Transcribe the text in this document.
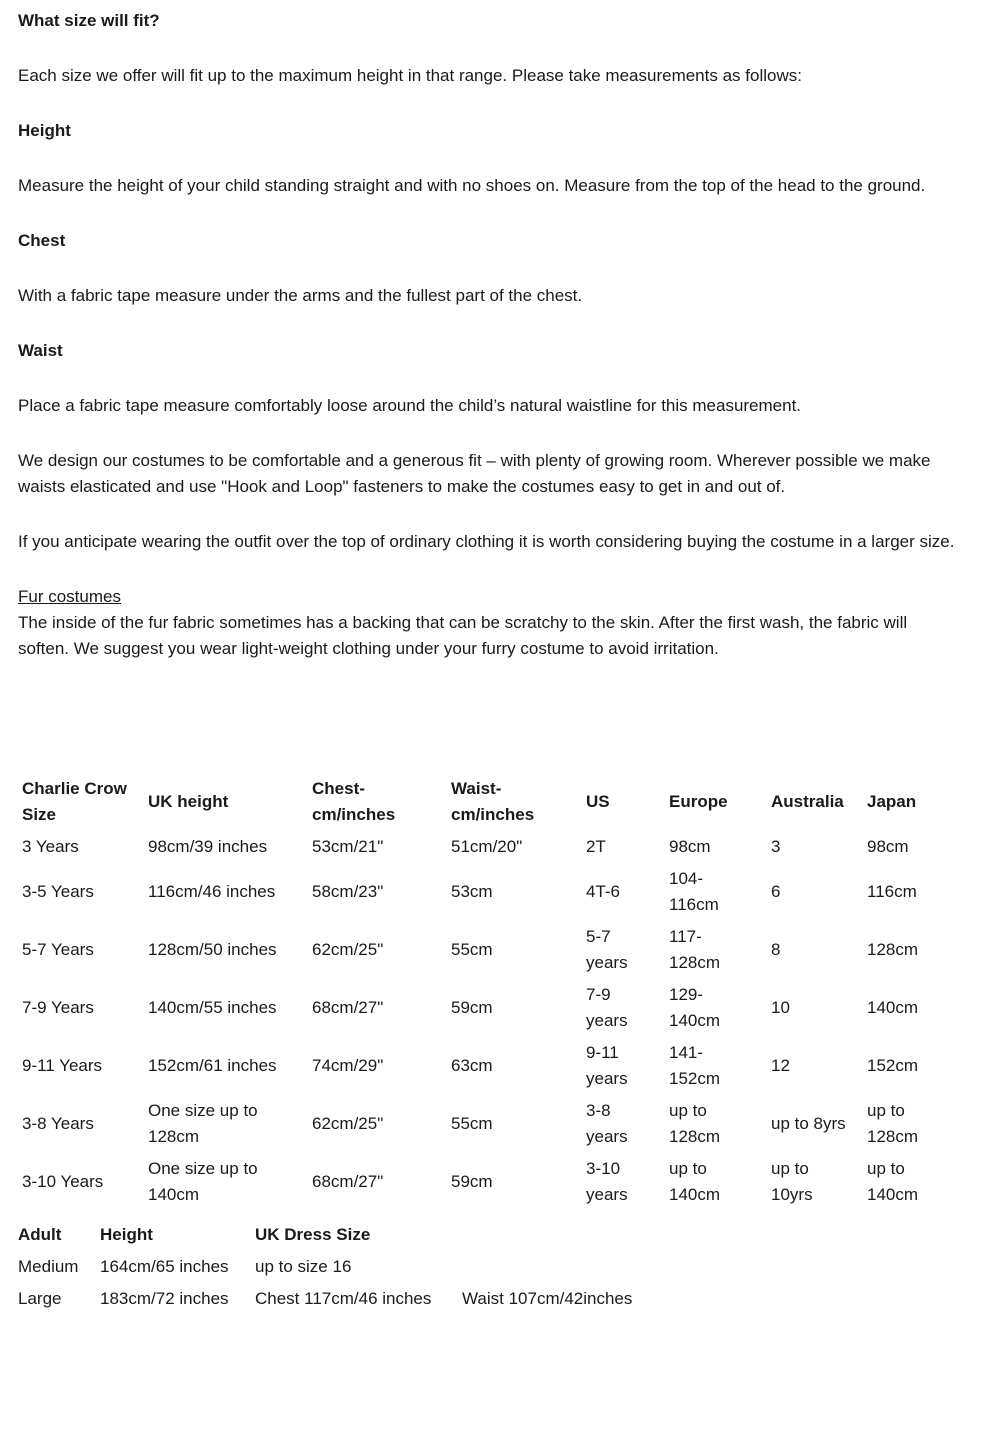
What size will fit?

Each size we offer will fit up to the maximum height in that range. Please take measurements as follows:

Height

Measure the height of your child standing straight and with no shoes on. Measure from the top of the head to the ground.

Chest

With a fabric tape measure under the arms and the fullest part of the chest.

Waist

Place a fabric tape measure comfortably loose around the child’s natural waistline for this measurement.

We design our costumes to be comfortable and a generous fit – with plenty of growing room. Wherever possible we make waists elasticated and use "Hook and Loop" fasteners to make the costumes easy to get in and out of.

If you anticipate wearing the outfit over the top of ordinary clothing it is worth considering buying the costume in a larger size.

Fur costumes

The inside of the fur fabric sometimes has a backing that can be scratchy to the skin. After the first wash, the fabric will soften. We suggest you wear light-weight clothing under your furry costume to avoid irritation.

Charlie Crow Size	UK height	Chest-cm/inches	Waist-cm/inches	US	Europe	Australia	Japan
3 Years	98cm/39 inches	53cm/21"	51cm/20"	2T	98cm	3	98cm
3-5 Years	116cm/46 inches	58cm/23"	53cm	4T-6	104-116cm	6	116cm
5-7 Years	128cm/50 inches	62cm/25"	55cm	5-7 years	117-128cm	8	128cm
7-9 Years	140cm/55 inches	68cm/27"	59cm	7-9 years	129-140cm	10	140cm
9-11 Years	152cm/61 inches	74cm/29"	63cm	9-11 years	141-152cm	12	152cm
3-8 Years	One size up to 128cm	62cm/25"	55cm	3-8 years	up to 128cm	up to 8yrs	up to 128cm
3-10 Years	One size up to 140cm	68cm/27"	59cm	3-10 years	up to 140cm	up to 10yrs	up to 140cm
Adult	Height	UK Dress Size	
Medium	164cm/65 inches	up to size 16	
Large	183cm/72 inches	Chest 117cm/46 inches	Waist 107cm/42inches
